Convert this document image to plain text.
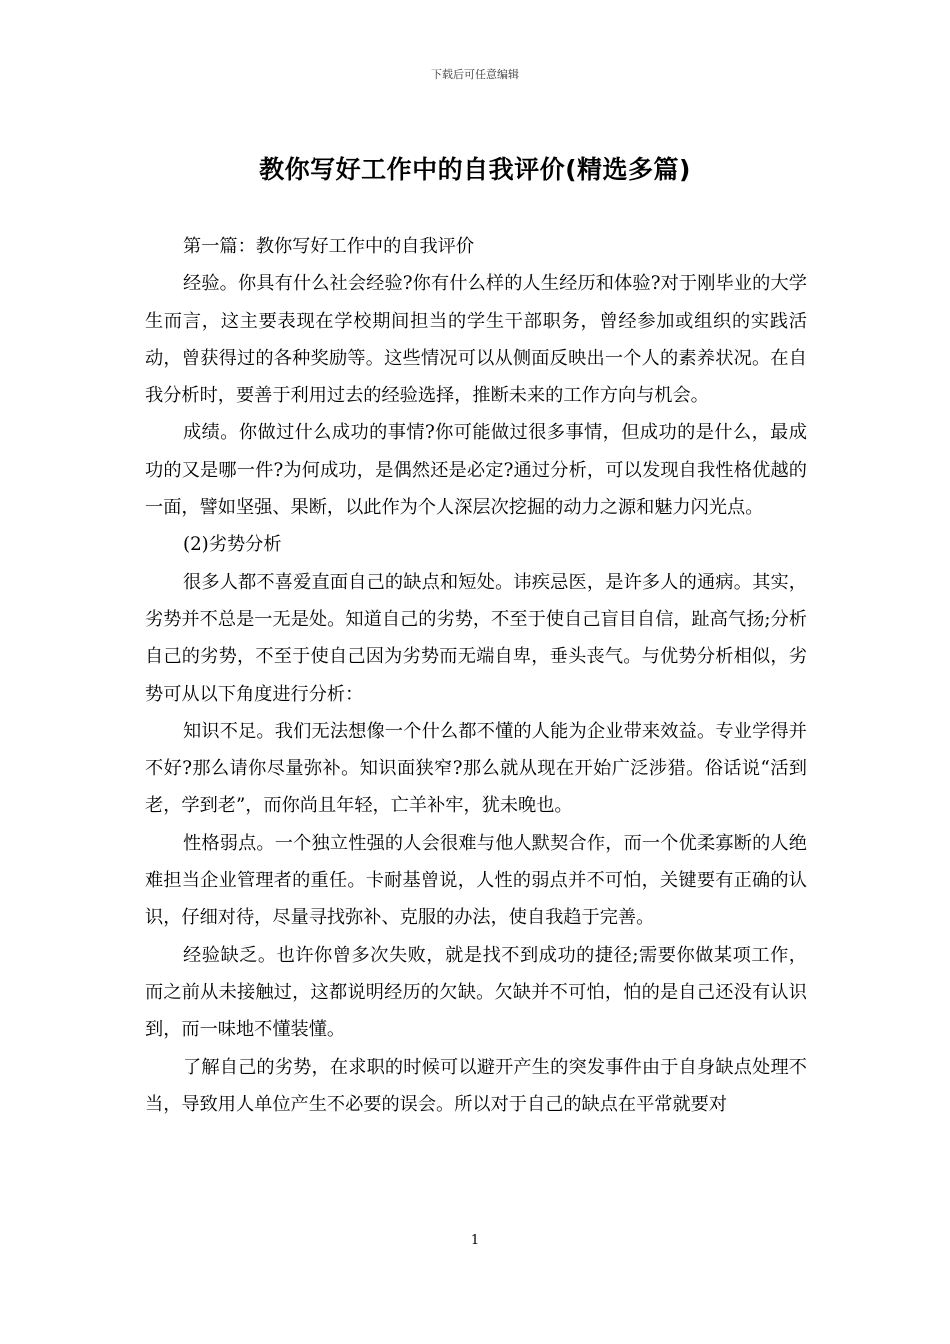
下载后可任意编辑
教你写好工作中的自我评价(精选多篇)

第一篇：教你写好工作中的自我评价

经验。你具有什么社会经验?你有什么样的人生经历和体验?对于刚毕业的大学生而言，这主要表现在学校期间担当的学生干部职务，曾经参加或组织的实践活动，曾获得过的各种奖励等。这些情况可以从侧面反映出一个人的素养状况。在自我分析时，要善于利用过去的经验选择，推断未来的工作方向与机会。

成绩。你做过什么成功的事情?你可能做过很多事情，但成功的是什么，最成功的又是哪一件?为何成功，是偶然还是必定?通过分析，可以发现自我性格优越的一面，譬如坚强、果断，以此作为个人深层次挖掘的动力之源和魅力闪光点。

(2)劣势分析

很多人都不喜爱直面自己的缺点和短处。讳疾忌医，是许多人的通病。其实，劣势并不总是一无是处。知道自己的劣势，不至于使自己盲目自信，趾高气扬;分析自己的劣势，不至于使自己因为劣势而无端自卑，垂头丧气。与优势分析相似，劣势可从以下角度进行分析：

知识不足。我们无法想像一个什么都不懂的人能为企业带来效益。专业学得并不好?那么请你尽量弥补。知识面狭窄?那么就从现在开始广泛涉猎。俗话说“活到老，学到老”，而你尚且年轻，亡羊补牢，犹未晚也。

性格弱点。一个独立性强的人会很难与他人默契合作，而一个优柔寡断的人绝难担当企业管理者的重任。卡耐基曾说，人性的弱点并不可怕，关键要有正确的认识，仔细对待，尽量寻找弥补、克服的办法，使自我趋于完善。

经验缺乏。也许你曾多次失败，就是找不到成功的捷径;需要你做某项工作，而之前从未接触过，这都说明经历的欠缺。欠缺并不可怕，怕的是自己还没有认识到，而一味地不懂装懂。

了解自己的劣势，在求职的时候可以避开产生的突发事件由于自身缺点处理不当，导致用人单位产生不必要的误会。所以对于自己的缺点在平常就要对

1
